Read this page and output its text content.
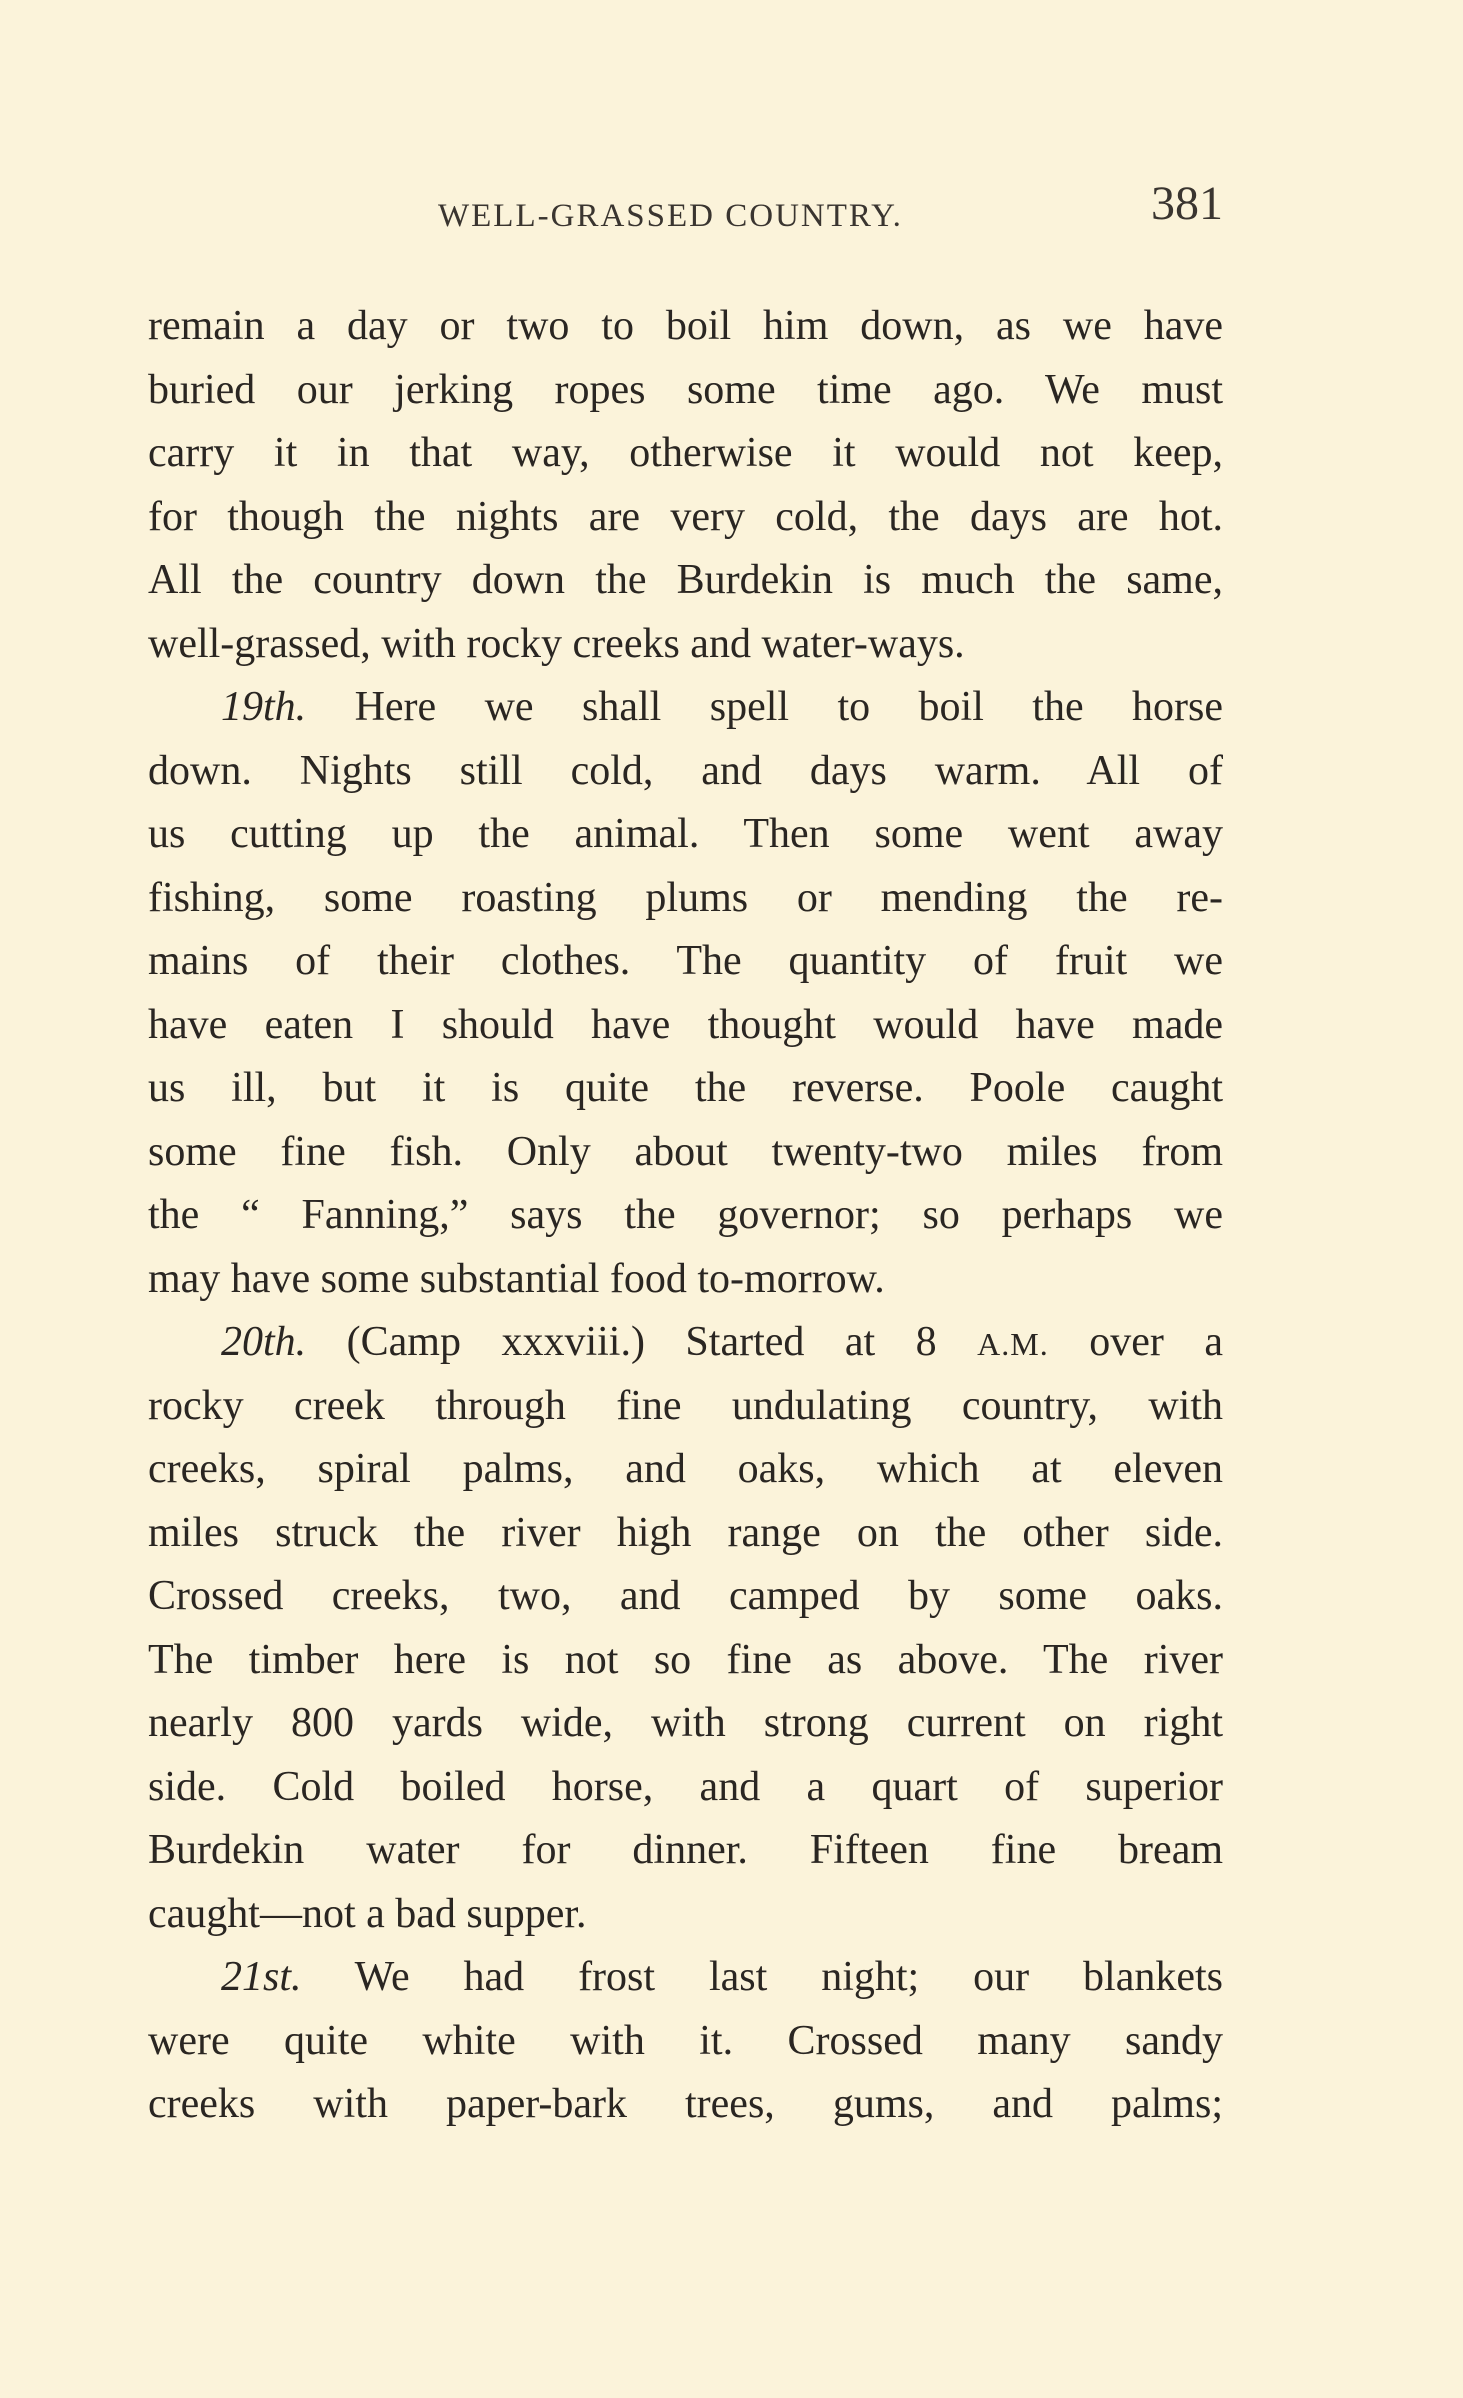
WELL-GRASSED COUNTRY.	381
remain a day or two to boil him down, as we have
buried our jerking ropes some time ago. We must
carry it in that way, otherwise it would not keep,
for though the nights are very cold, the days are hot.
All the country down the Burdekin is much the same,
well-grassed, with rocky creeks and water-ways.
19th. Here we shall spell to boil the horse
down. Nights still cold, and days warm. All of
us cutting up the animal. Then some went away
fishing, some roasting plums or mending the re-
mains of their clothes. The quantity of fruit we
have eaten I should have thought would have made
us ill, but it is quite the reverse. Poole caught
some fine fish. Only about twenty-two miles from
the “ Fanning,” says the governor; so perhaps we
may have some substantial food to-morrow.
20th. (Camp xxxviii.) Started at 8 A.M. over a
rocky creek through fine undulating country, with
creeks, spiral palms, and oaks, which at eleven
miles struck the river high range on the other side.
Crossed creeks, two, and camped by some oaks.
The timber here is not so fine as above. The river
nearly 800 yards wide, with strong current on right
side. Cold boiled horse, and a quart of superior
Burdekin water for dinner. Fifteen fine bream
caught—not a bad supper.
21st. We had frost last night; our blankets
were quite white with it. Crossed many sandy
creeks with paper-bark trees, gums, and palms;
